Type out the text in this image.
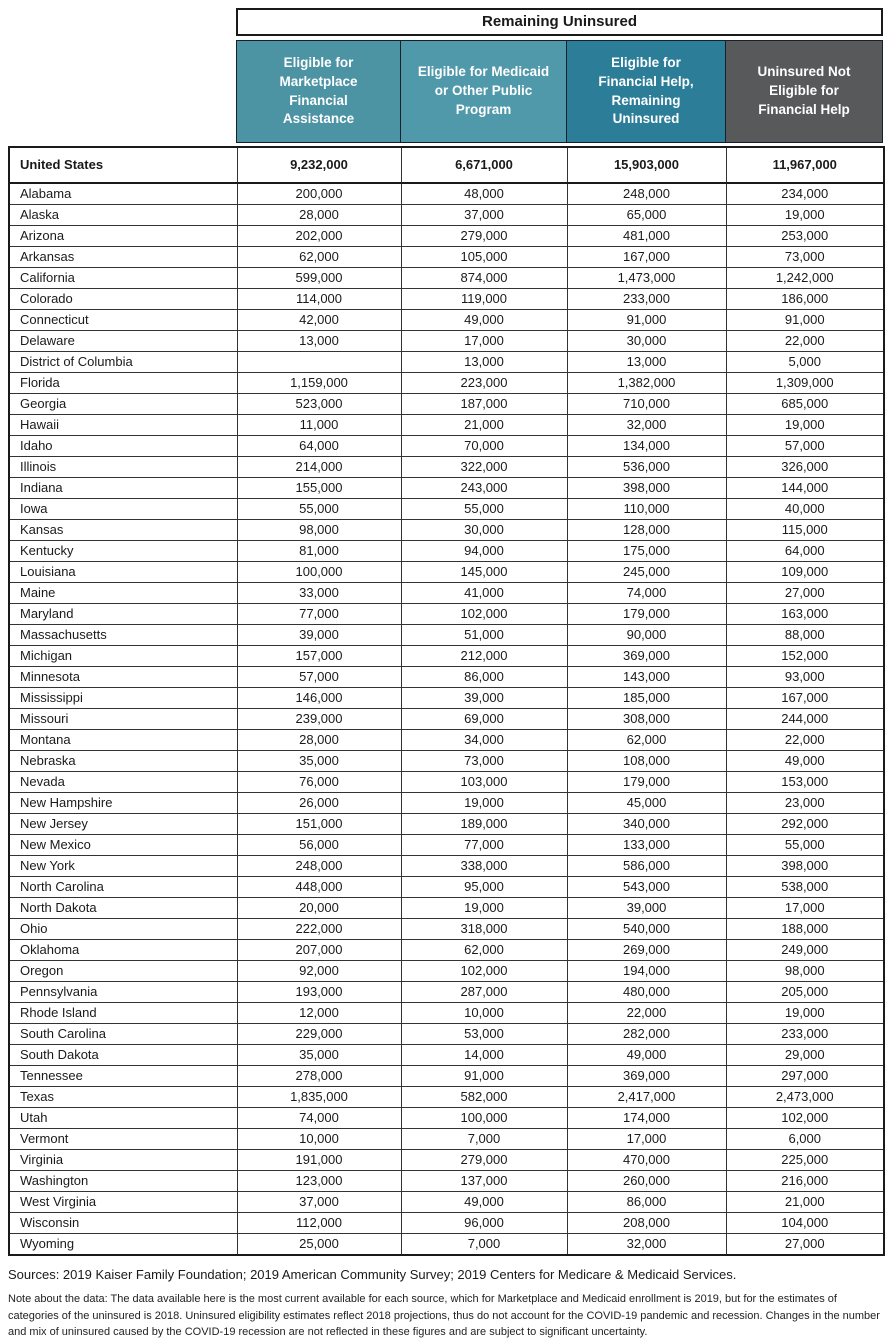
Remaining Uninsured
Eligible for Marketplace Financial Assistance
Eligible for Medicaid or Other Public Program
Eligible for Financial Help, Remaining Uninsured
Uninsured Not Eligible for Financial Help
United States	9,232,000	6,671,000	15,903,000	11,967,000
Alabama	200,000	48,000	248,000	234,000
Alaska	28,000	37,000	65,000	19,000
Arizona	202,000	279,000	481,000	253,000
Arkansas	62,000	105,000	167,000	73,000
California	599,000	874,000	1,473,000	1,242,000
Colorado	114,000	119,000	233,000	186,000
Connecticut	42,000	49,000	91,000	91,000
Delaware	13,000	17,000	30,000	22,000
District of Columbia		13,000	13,000	5,000
Florida	1,159,000	223,000	1,382,000	1,309,000
Georgia	523,000	187,000	710,000	685,000
Hawaii	11,000	21,000	32,000	19,000
Idaho	64,000	70,000	134,000	57,000
Illinois	214,000	322,000	536,000	326,000
Indiana	155,000	243,000	398,000	144,000
Iowa	55,000	55,000	110,000	40,000
Kansas	98,000	30,000	128,000	115,000
Kentucky	81,000	94,000	175,000	64,000
Louisiana	100,000	145,000	245,000	109,000
Maine	33,000	41,000	74,000	27,000
Maryland	77,000	102,000	179,000	163,000
Massachusetts	39,000	51,000	90,000	88,000
Michigan	157,000	212,000	369,000	152,000
Minnesota	57,000	86,000	143,000	93,000
Mississippi	146,000	39,000	185,000	167,000
Missouri	239,000	69,000	308,000	244,000
Montana	28,000	34,000	62,000	22,000
Nebraska	35,000	73,000	108,000	49,000
Nevada	76,000	103,000	179,000	153,000
New Hampshire	26,000	19,000	45,000	23,000
New Jersey	151,000	189,000	340,000	292,000
New Mexico	56,000	77,000	133,000	55,000
New York	248,000	338,000	586,000	398,000
North Carolina	448,000	95,000	543,000	538,000
North Dakota	20,000	19,000	39,000	17,000
Ohio	222,000	318,000	540,000	188,000
Oklahoma	207,000	62,000	269,000	249,000
Oregon	92,000	102,000	194,000	98,000
Pennsylvania	193,000	287,000	480,000	205,000
Rhode Island	12,000	10,000	22,000	19,000
South Carolina	229,000	53,000	282,000	233,000
South Dakota	35,000	14,000	49,000	29,000
Tennessee	278,000	91,000	369,000	297,000
Texas	1,835,000	582,000	2,417,000	2,473,000
Utah	74,000	100,000	174,000	102,000
Vermont	10,000	7,000	17,000	6,000
Virginia	191,000	279,000	470,000	225,000
Washington	123,000	137,000	260,000	216,000
West Virginia	37,000	49,000	86,000	21,000
Wisconsin	112,000	96,000	208,000	104,000
Wyoming	25,000	7,000	32,000	27,000
Sources: 2019 Kaiser Family Foundation; 2019 American Community Survey; 2019 Centers for Medicare & Medicaid Services.
Note about the data: The data available here is the most current available for each source, which for Marketplace and Medicaid enrollment is 2019, but for the estimates of categories of the uninsured is 2018. Uninsured eligibility estimates reflect 2018 projections, thus do not account for the COVID-19 pandemic and recession. Changes in the number and mix of uninsured caused by the COVID-19 recession are not reflected in these figures and are subject to significant uncertainty.
